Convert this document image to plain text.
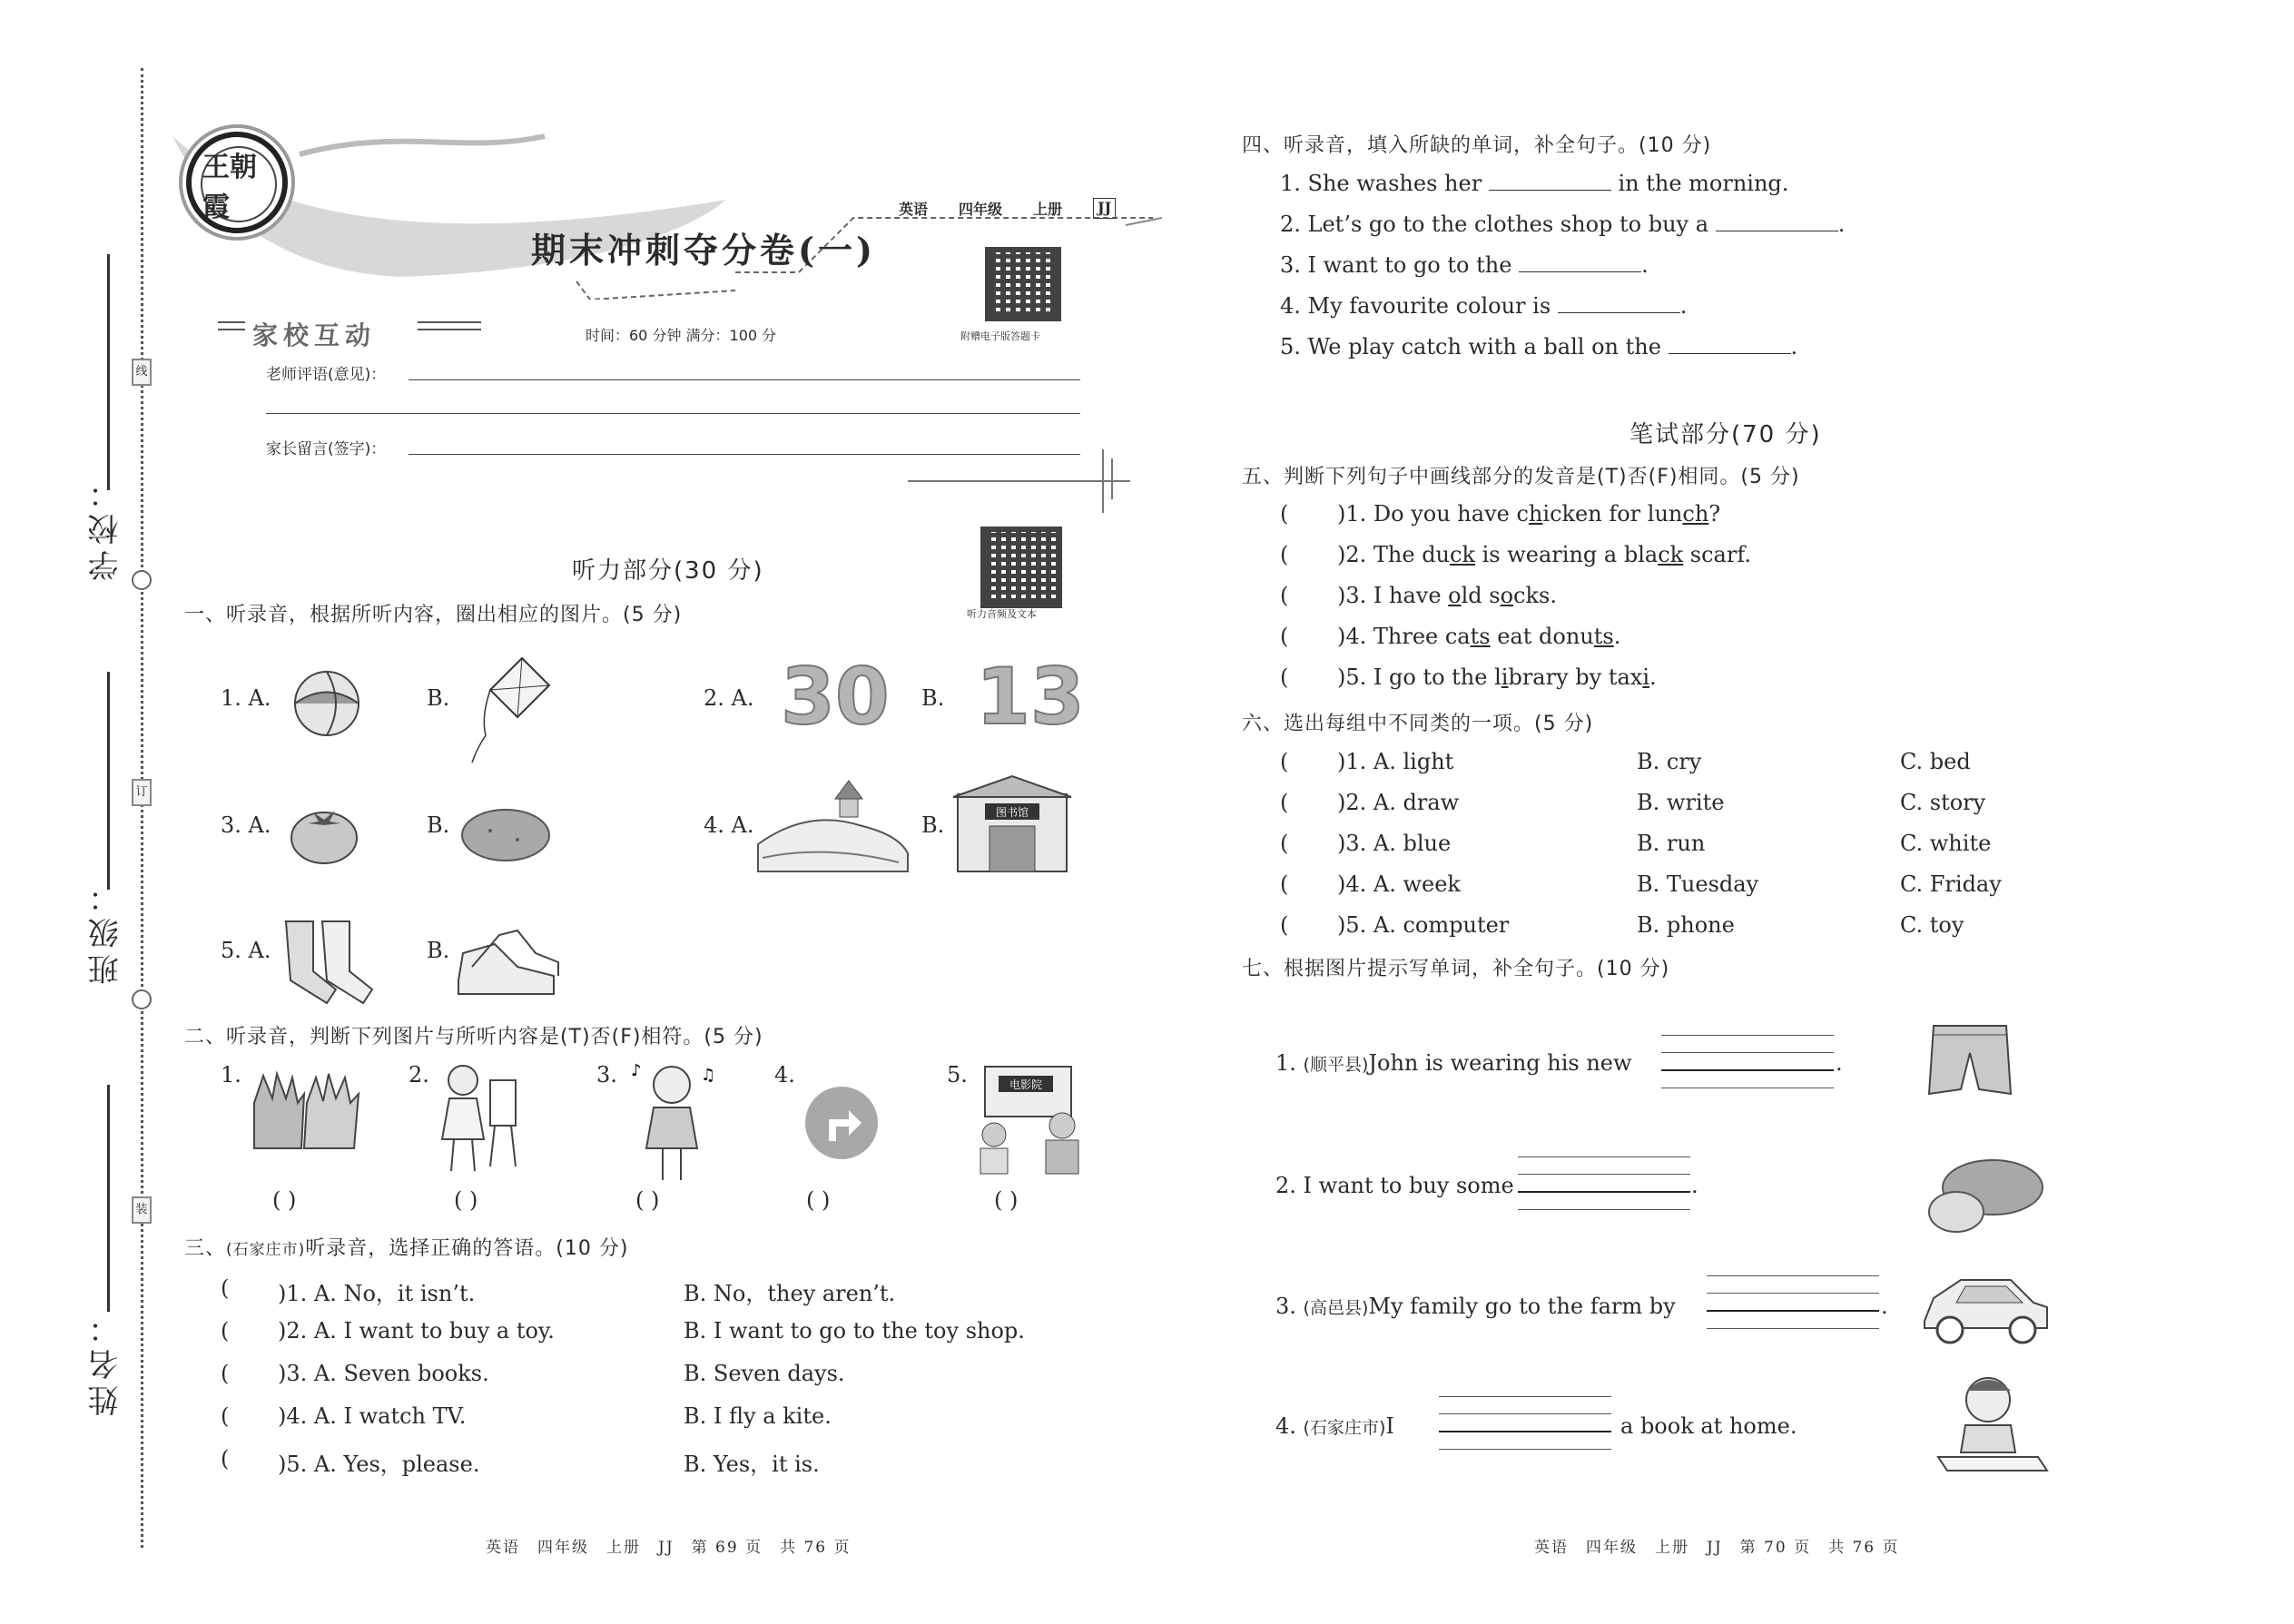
线
订
装
学校：
班级：
姓名：
王朝霞	英语 四年级 上册	JJ
期末冲刺夺分卷(一)
附赠电子版答题卡
家校互动	时间：60 分钟 满分：100 分
老师评语(意见)：
家长留言(签字)：
听力部分(30 分)
听力音频及文本
一、听录音，根据所听内容，圈出相应的图片。(5 分)
1. A.	B.	2. A. 30 B. 13
3. A.	B.	4. A.	B.	图书馆
5. A.	B.
二、听录音，判断下列图片与所听内容是(T)否(F)相符。(5 分)
1.	2.	3. ♪	♫	4.	5.	电影院
( )	( )	( )	( )	( )
三、(石家庄市)听录音，选择正确的答语。(10 分)
( )1. A. No，it isn’t.	B. No，they aren’t.
( )2. A. I want to buy a toy.	B. I want to go to the toy shop.
( )3. A. Seven books.	B. Seven days.
( )4. A. I watch TV.	B. I fly a kite.
( )5. A. Yes，please.	B. Yes，it is.
英语　四年级　上册　JJ　第 69 页　共 76 页
四、听录音，填入所缺的单词，补全句子。(10 分)
1. She washes her	in the morning.
2. Let’s go to the clothes shop to buy a	.
3. I want to go to the	.
4. My favourite colour is	.
5. We play catch with a ball on the	.
笔试部分(70 分)
五、判断下列句子中画线部分的发音是(T)否(F)相同。(5 分)
( )1. Do you have chicken for lunch?
( )2. The duck is wearing a black scarf.
( )3. I have old socks.
( )4. Three cats eat donuts.
( )5. I go to the library by taxi.
六、选出每组中不同类的一项。(5 分)
( )1. A. light	B. cry	C. bed
( )2. A. draw	B. write	C. story
( )3. A. blue	B. run	C. white
( )4. A. week	B. Tuesday	C. Friday
( )5. A. computer	B. phone	C. toy
七、根据图片提示写单词，补全句子。(10 分)
1. (顺平县)John is wearing his new	.
2. I want to buy some	.
3. (高邑县)My family go to the farm by	.
4. (石家庄市)I	a book at home.
英语　四年级　上册　JJ　第 70 页　共 76 页
